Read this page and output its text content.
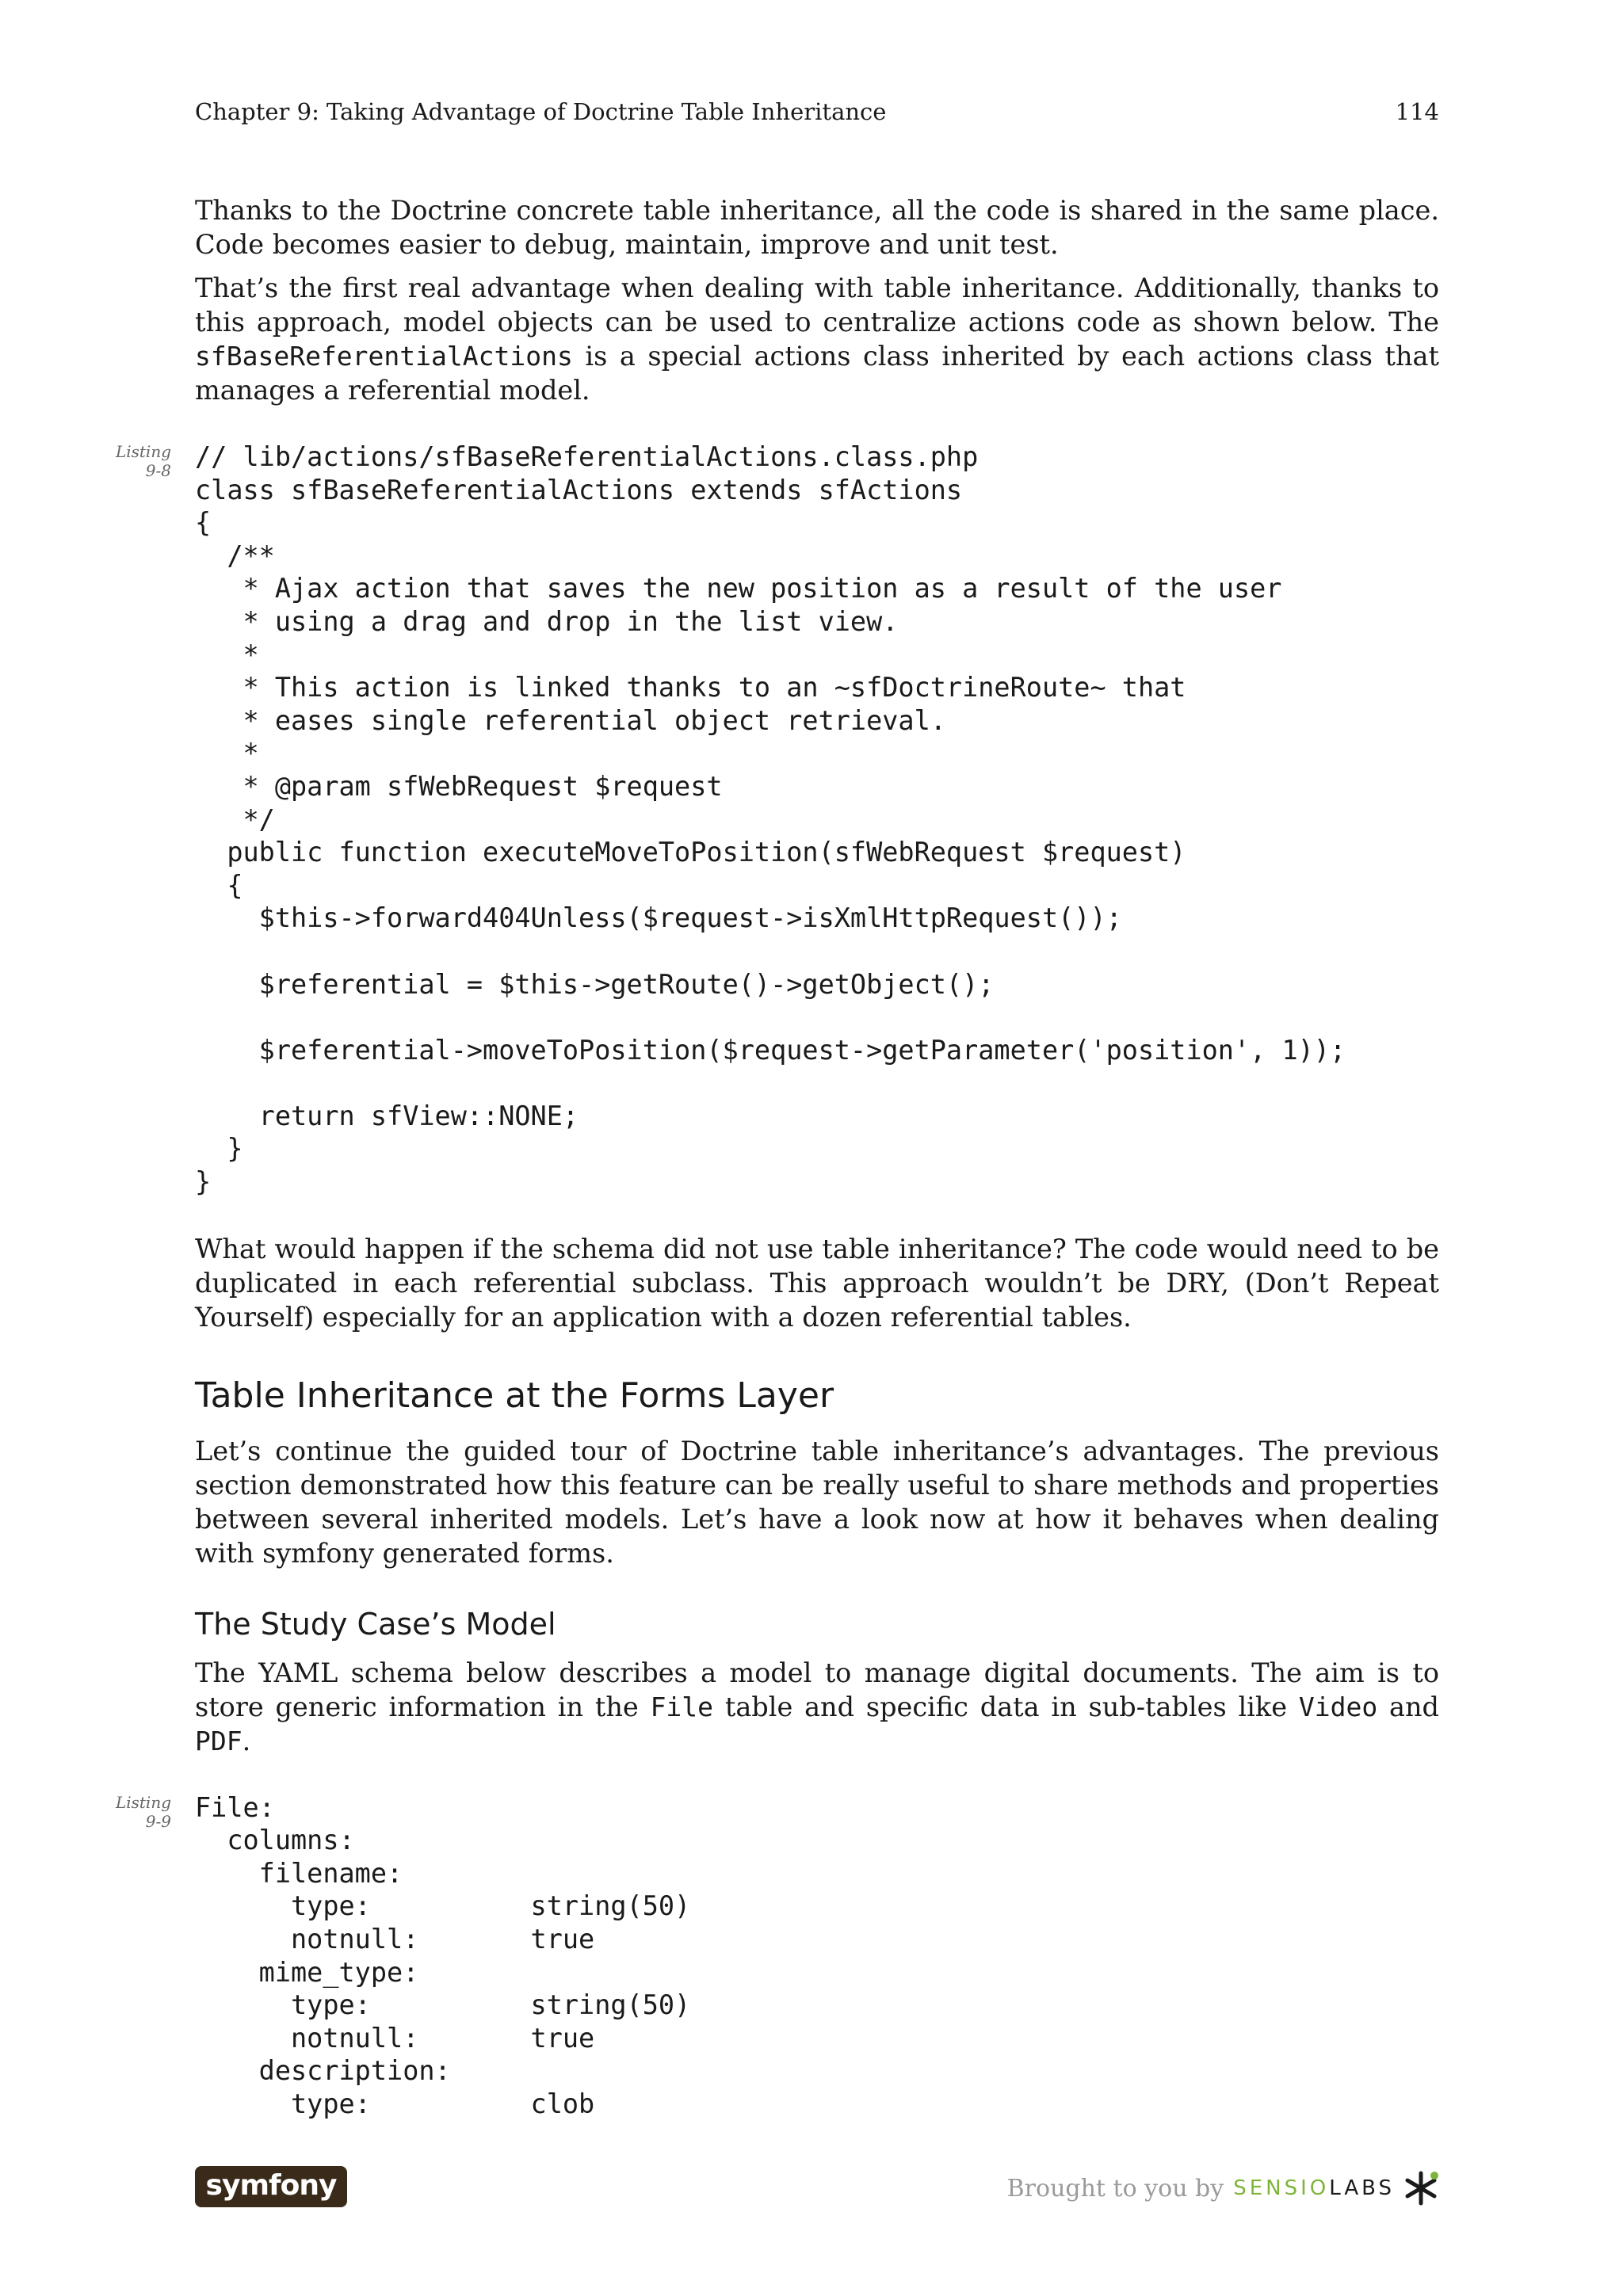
Chapter 9: Taking Advantage of Doctrine Table Inheritance	114

Thanks to the Doctrine concrete table inheritance, all the code is shared in the same place. Code becomes easier to debug, maintain, improve and unit test.

That’s the first real advantage when dealing with table inheritance. Additionally, thanks to this approach, model objects can be used to centralize actions code as shown below. The sfBaseReferentialActions is a special actions class inherited by each actions class that manages a referential model.

Listing
9-8 // lib/actions/sfBaseReferentialActions.class.php
class sfBaseReferentialActions extends sfActions
{
/**
* Ajax action that saves the new position as a result of the user
* using a drag and drop in the list view.
*
* This action is linked thanks to an ~sfDoctrineRoute~ that
* eases single referential object retrieval.
*
* @param sfWebRequest $request
*/
public function executeMoveToPosition(sfWebRequest $request)
{
$this->forward404Unless($request->isXmlHttpRequest());

$referential = $this->getRoute()->getObject();

$referential->moveToPosition($request->getParameter('position', 1));

return sfView::NONE;
}
}

What would happen if the schema did not use table inheritance? The code would need to be duplicated in each referential subclass. This approach wouldn’t be DRY, (Don’t Repeat Yourself) especially for an application with a dozen referential tables.

Table Inheritance at the Forms Layer

Let’s continue the guided tour of Doctrine table inheritance’s advantages. The previous section demonstrated how this feature can be really useful to share methods and properties between several inherited models. Let’s have a look now at how it behaves when dealing with symfony generated forms.

The Study Case’s Model

The YAML schema below describes a model to manage digital documents. The aim is to store generic information in the File table and specific data in sub-tables like Video and PDF.

Listing
9-9 File:
columns:
filename:
type:          string(50)
notnull:       true
mime_type:
type:          string(50)
notnull:       true
description:
type:          clob
symfony	Brought to you by SENSIO LABS
